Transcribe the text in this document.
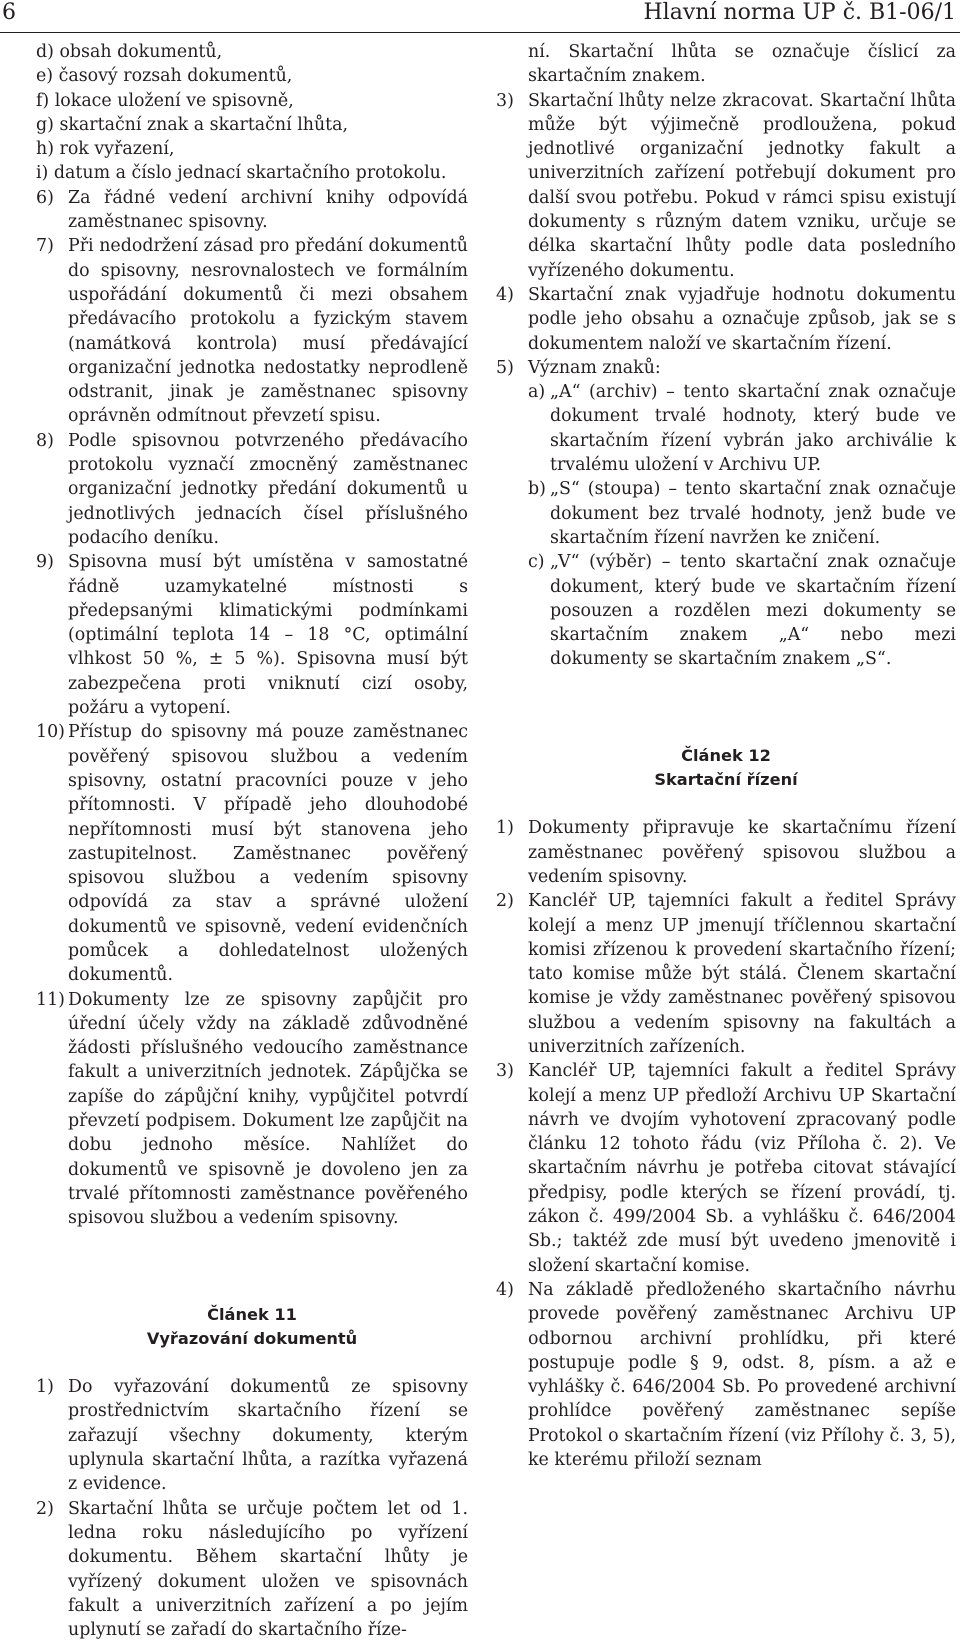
6	Hlavní norma UP č. B1-06/1

d) obsah dokumentů,

e) časový rozsah dokumentů,

f) lokace uložení ve spisovně,

g) skartační znak a skartační lhůta,

h) rok vyřazení,

i) datum a číslo jednací skartačního protokolu.

6) Za řádné vedení archivní knihy odpovídá zaměstnanec spisovny.
7) Při nedodržení zásad pro předání dokumentů do spisovny, nesrovnalostech ve formálním uspořádání dokumentů či mezi obsahem předávacího protokolu a fyzickým stavem (namátková kontrola) musí předávající organizační jednotka nedostatky neprodleně odstranit, jinak je zaměstnanec spisovny oprávněn odmítnout převzetí spisu.
8) Podle spisovnou potvrzeného předávacího protokolu vyznačí zmocněný zaměstnanec organizační jednotky předání dokumentů u jednotlivých jednacích čísel příslušného podacího deníku.
9) Spisovna musí být umístěna v samostatné řádně uzamykatelné místnosti s předepsanými klimatickými podmínkami (optimální teplota 14 – 18 °C, optimální vlhkost 50 %, ± 5 %). Spisovna musí být zabezpečena proti vniknutí cizí osoby, požáru a vytopení.
10) Přístup do spisovny má pouze zaměstnanec pověřený spisovou službou a vedením spisovny, ostatní pracovníci pouze v jeho přítomnosti. V případě jeho dlouhodobé nepřítomnosti musí být stanovena jeho zastupitelnost. Zaměstnanec pověřený spisovou službou a vedením spisovny odpovídá za stav a správné uložení dokumentů ve spisovně, vedení evidenčních pomůcek a dohledatelnost uložených dokumentů.
11) Dokumenty lze ze spisovny zapůjčit pro úřední účely vždy na základě zdůvodněné žádosti příslušného vedoucího zaměstnance fakult a univerzitních jednotek. Zápůjčka se zapíše do zápůjční knihy, vypůjčitel potvrdí převzetí podpisem. Dokument lze zapůjčit na dobu jednoho měsíce. Nahlížet do dokumentů ve spisovně je dovoleno jen za trvalé přítomnosti zaměstnance pověřeného spisovou službou a vedením spisovny.

Článek 11

Vyřazování dokumentů

1) Do vyřazování dokumentů ze spisovny prostřednictvím skartačního řízení se zařazují všechny dokumenty, kterým uplynula skartační lhůta, a razítka vyřazená z evidence.
2) Skartační lhůta se určuje počtem let od 1. ledna roku následujícího po vyřízení dokumentu. Během skartační lhůty je vyřízený dokument uložen ve spisovnách fakult a univerzitních zařízení a po jejím uplynutí se zařadí do skartačního říze-
ní. Skartační lhůta se označuje číslicí za skartačním znakem.
3) Skartační lhůty nelze zkracovat. Skartační lhůta může být výjimečně prodloužena, pokud jednotlivé organizační jednotky fakult a univerzitních zařízení potřebují dokument pro další svou potřebu. Pokud v rámci spisu existují dokumenty s různým datem vzniku, určuje se délka skartační lhůty podle data posledního vyřízeného dokumentu.
4) Skartační znak vyjadřuje hodnotu dokumentu podle jeho obsahu a označuje způsob, jak se s dokumentem naloží ve skartačním řízení.
5) Význam znaků:
a) „A“ (archiv) – tento skartační znak označuje dokument trvalé hodnoty, který bude ve skartačním řízení vybrán jako archiválie k trvalému uložení v Archivu UP.
b) „S“ (stoupa) – tento skartační znak označuje dokument bez trvalé hodnoty, jenž bude ve skartačním řízení navržen ke zničení.
c) „V“ (výběr) – tento skartační znak označuje dokument, který bude ve skartačním řízení posouzen a rozdělen mezi dokumenty se skartačním znakem „A“ nebo mezi dokumenty se skartačním znakem „S“.

Článek 12

Skartační řízení

1) Dokumenty připravuje ke skartačnímu řízení zaměstnanec pověřený spisovou službou a vedením spisovny.
2) Kancléř UP, tajemníci fakult a ředitel Správy kolejí a menz UP jmenují tříčlennou skartační komisi zřízenou k provedení skartačního řízení; tato komise může být stálá. Členem skartační komise je vždy zaměstnanec pověřený spisovou službou a vedením spisovny na fakultách a univerzitních zařízeních.
3) Kancléř UP, tajemníci fakult a ředitel Správy kolejí a menz UP předloží Archivu UP Skartační návrh ve dvojím vyhotovení zpracovaný podle článku 12 tohoto řádu (viz Příloha č. 2). Ve skartačním návrhu je potřeba citovat stávající předpisy, podle kterých se řízení provádí, tj. zákon č. 499/2004 Sb. a vyhlášku č. 646/2004 Sb.; taktéž zde musí být uvedeno jmenovitě i složení skartační komise.
4) Na základě předloženého skartačního návrhu provede pověřený zaměstnanec Archivu UP odbornou archivní prohlídku, při které postupuje podle § 9, odst. 8, písm. a až e vyhlášky č. 646/2004 Sb. Po provedené archivní prohlídce pověřený zaměstnanec sepíše Protokol o skartačním řízení (viz Přílohy č. 3, 5), ke kterému přiloží seznam
